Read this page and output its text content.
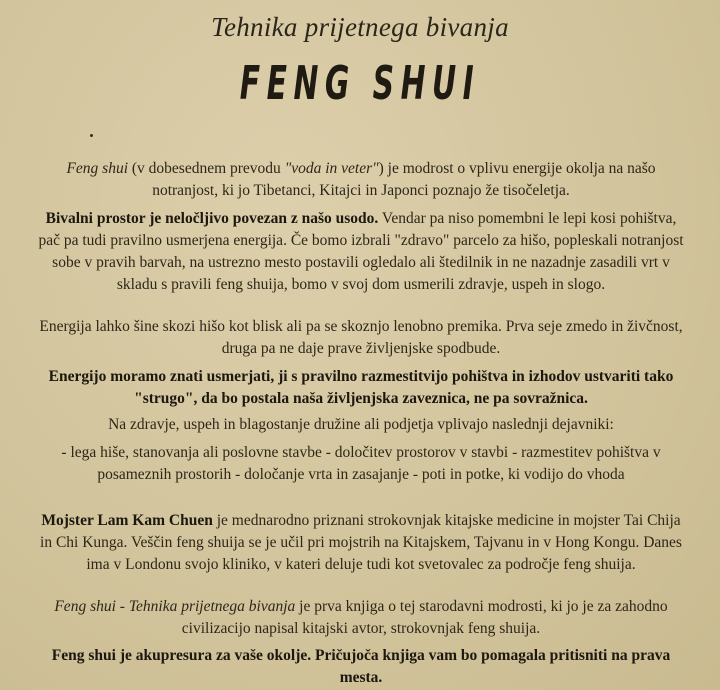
Tehnika prijetnega bivanja
FENG SHUI
Feng shui (v dobesednem prevodu "voda in veter") je modrost o vplivu energije okolja na našo notranjost, ki jo Tibetanci, Kitajci in Japonci poznajo že tisočeletja.
Bivalni prostor je neločljivo povezan z našo usodo. Vendar pa niso pomembni le lepi kosi pohištva, pač pa tudi pravilno usmerjena energija. Če bomo izbrali "zdravo" parcelo za hišo, popleskali notranjost sobe v pravih barvah, na ustrezno mesto postavili ogledalo ali štedilnik in ne nazadnje zasadili vrt v skladu s pravili feng shuija, bomo v svoj dom usmerili zdravje, uspeh in slogo.
Energija lahko šine skozi hišo kot blisk ali pa se skoznjo lenobno premika. Prva seje zmedo in živčnost, druga pa ne daje prave življenjske spodbude.
Energijo moramo znati usmerjati, ji s pravilno razmestitvijo pohištva in izhodov ustvariti tako "strugo", da bo postala naša življenjska zaveznica, ne pa sovražnica.
Na zdravje, uspeh in blagostanje družine ali podjetja vplivajo naslednji dejavniki:
- lega hiše, stanovanja ali poslovne stavbe - določitev prostorov v stavbi - razmestitev pohištva v posameznih prostorih - določanje vrta in zasajanje - poti in potke, ki vodijo do vhoda
Mojster Lam Kam Chuen je mednarodno priznani strokovnjak kitajske medicine in mojster Tai Chija in Chi Kunga. Veščin feng shuija se je učil pri mojstrih na Kitajskem, Tajvanu in v Hong Kongu. Danes ima v Londonu svojo kliniko, v kateri deluje tudi kot svetovalec za področje feng shuija.
Feng shui - Tehnika prijetnega bivanja je prva knjiga o tej starodavni modrosti, ki jo je za zahodno civilizacijo napisal kitajski avtor, strokovnjak feng shuija.
Feng shui je akupresura za vaše okolje. Pričujoča knjiga vam bo pomagala pritisniti na prava mesta.
